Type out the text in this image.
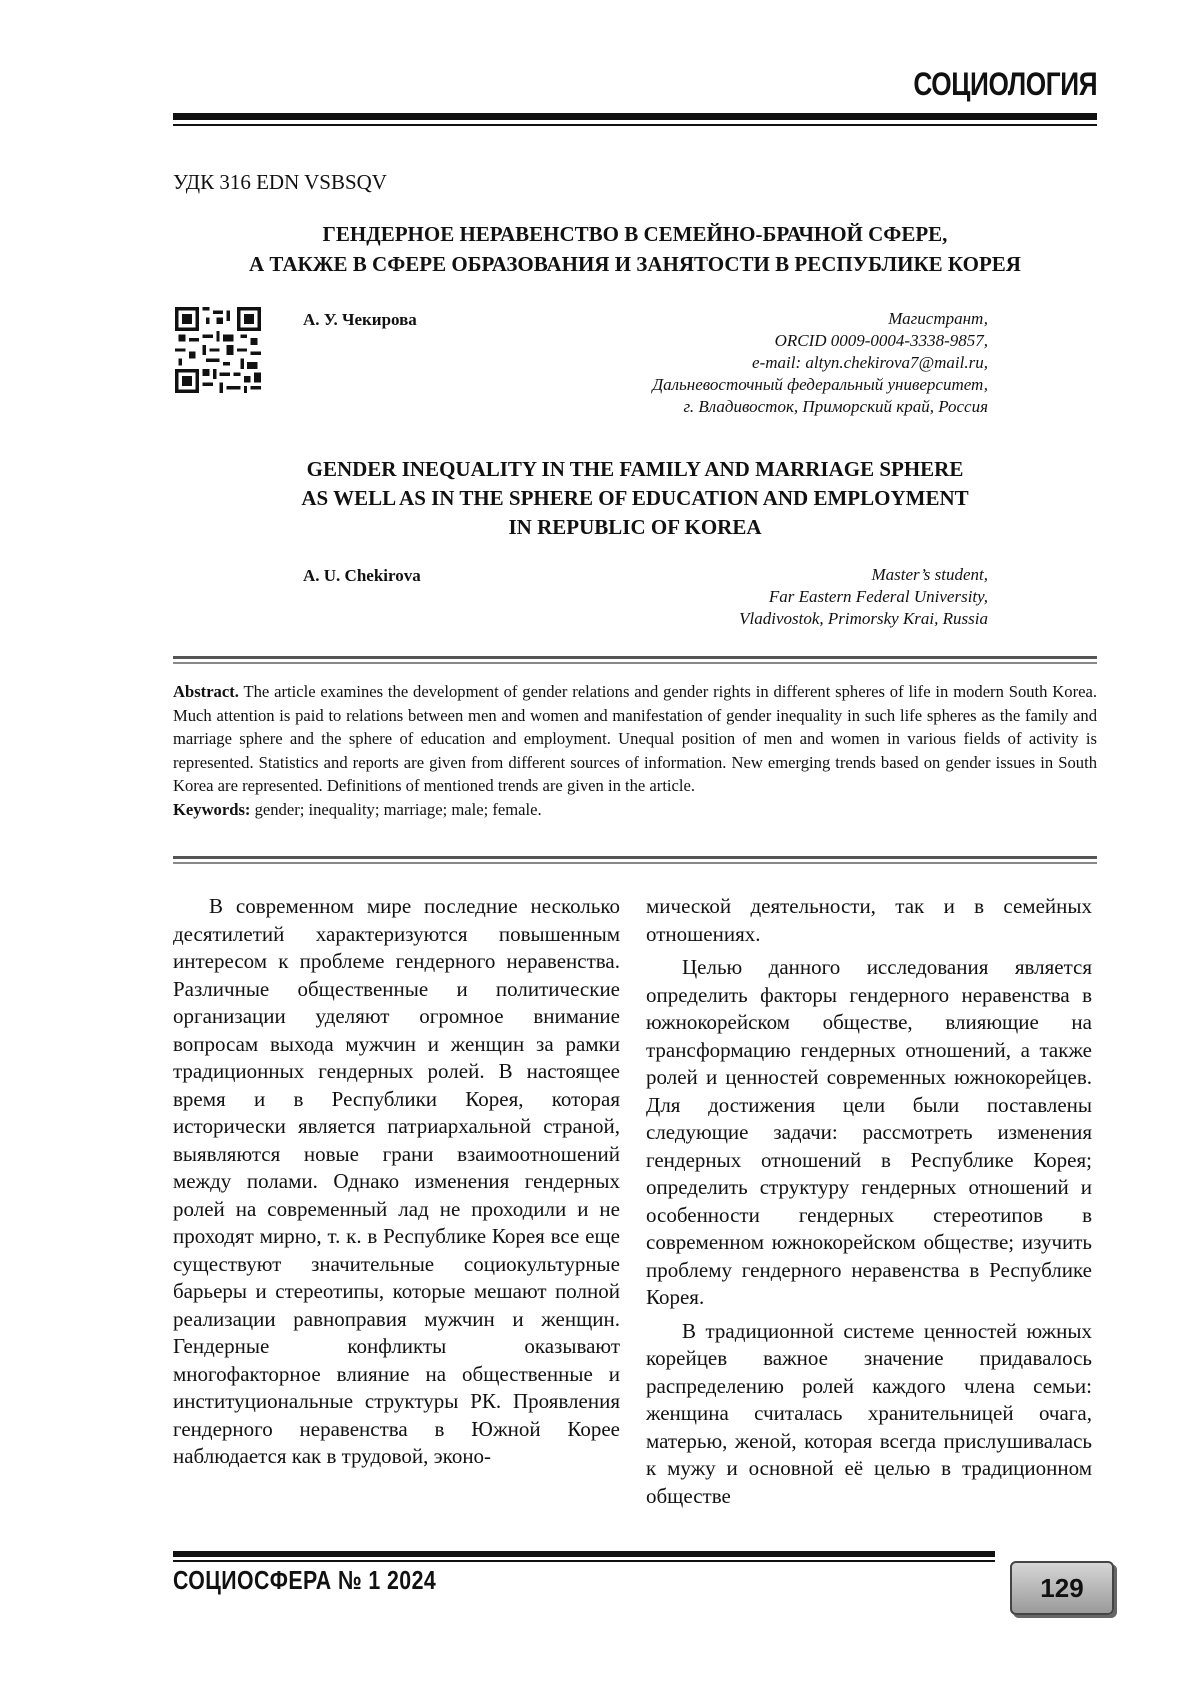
СОЦИОЛОГИЯ
УДК 316 EDN VSBSQV
ГЕНДЕРНОЕ НЕРАВЕНСТВО В СЕМЕЙНО-БРАЧНОЙ СФЕРЕ,
А ТАКЖЕ В СФЕРЕ ОБРАЗОВАНИЯ И ЗАНЯТОСТИ В РЕСПУБЛИКЕ КОРЕЯ
А. У. Чекирова	Магистрант,
ORCID 0009-0004-3338-9857,
e-mail: altyn.chekirova7@mail.ru,
Дальневосточный федеральный университет,
г. Владивосток, Приморский край, Россия
GENDER INEQUALITY IN THE FAMILY AND MARRIAGE SPHERE
AS WELL AS IN THE SPHERE OF EDUCATION AND EMPLOYMENT
IN REPUBLIC OF KOREA
A. U. Chekirova	Master’s student,
Far Eastern Federal University,
Vladivostok, Primorsky Krai, Russia
Abstract. The article examines the development of gender relations and gender rights in different spheres of life in modern South Korea. Much attention is paid to relations between men and women and manifestation of gender inequality in such life spheres as the family and marriage sphere and the sphere of education and employment. Unequal position of men and women in various fields of activity is represented. Statistics and reports are given from different sources of information. New emerging trends based on gender issues in South Korea are represented. Definitions of mentioned trends are given in the article.
Keywords: gender; inequality; marriage; male; female.

В современном мире последние несколько десятилетий характеризуются повышенным интересом к проблеме гендерного неравенства. Различные общественные и политические организации уделяют огромное внимание вопросам выхода мужчин и женщин за рамки традиционных гендерных ролей. В настоящее время и в Республики Корея, которая исторически является патриархальной страной, выявляются новые грани взаимоотношений между полами. Однако изменения гендерных ролей на современный лад не проходили и не проходят мирно, т. к. в Республике Корея все еще существуют значительные социокультурные барьеры и стереотипы, которые мешают полной реализации равноправия мужчин и женщин. Гендерные конфликты оказывают многофакторное влияние на общественные и институциональные структуры РК. Проявления гендерного неравенства в Южной Корее наблюдается как в трудовой, эконо-

мической деятельности, так и в семейных отношениях.

Целью данного исследования является определить факторы гендерного неравенства в южнокорейском обществе, влияющие на трансформацию гендерных отношений, а также ролей и ценностей современных южнокорейцев. Для достижения цели были поставлены следующие задачи: рассмотреть изменения гендерных отношений в Республике Корея; определить структуру гендерных отношений и особенности гендерных стереотипов в современном южнокорейском обществе; изучить проблему гендерного неравенства в Республике Корея.

В традиционной системе ценностей южных корейцев важное значение придавалось распределению ролей каждого члена семьи: женщина считалась хранительницей очага, матерью, женой, которая всегда прислушивалась к мужу и основной её целью в традиционном обществе

СОЦИОСФЕРА № 1 2024	129
